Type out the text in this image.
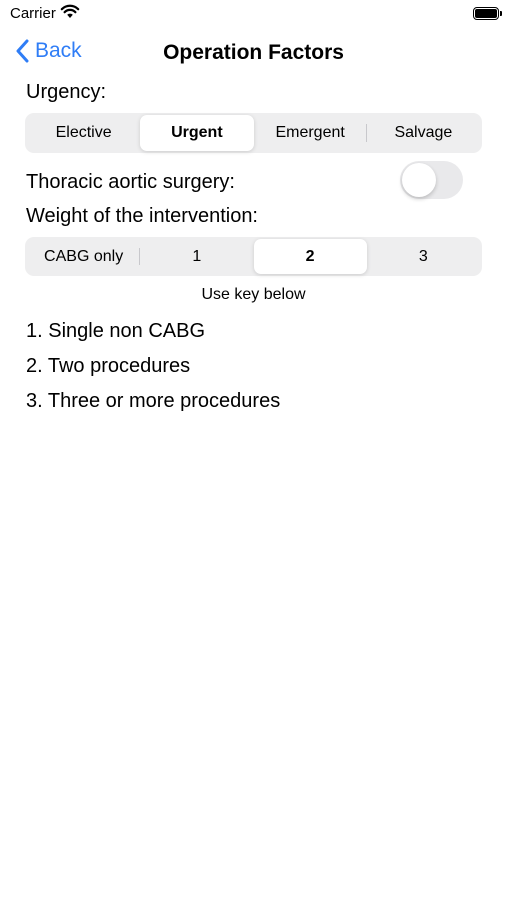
Carrier
Back	Operation Factors
Urgency:
Elective	Urgent	Emergent	Salvage
Thoracic aortic surgery:
Weight of the intervention:
CABG only	1	2	3
Use key below
1. Single non CABG
2. Two procedures
3. Three or more procedures
